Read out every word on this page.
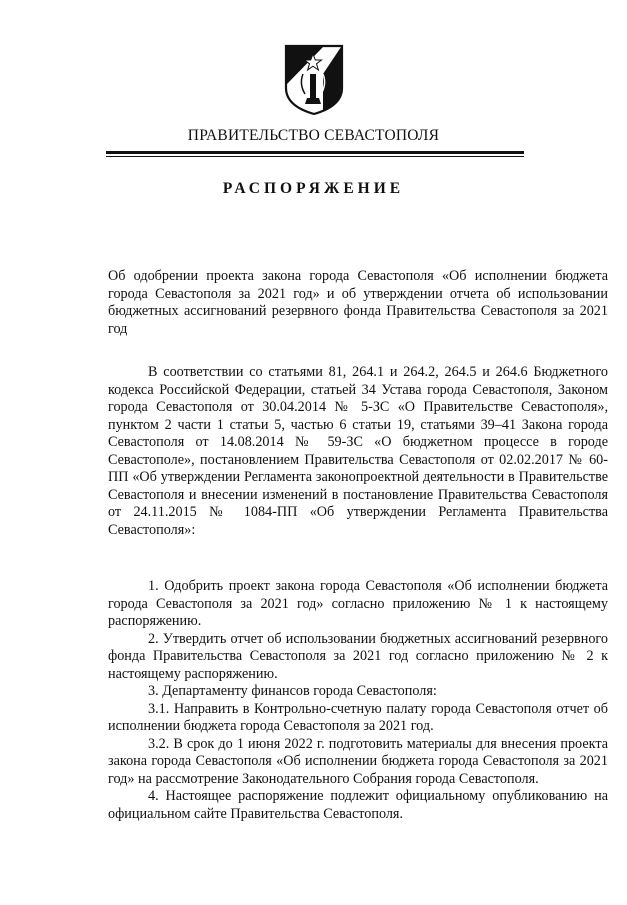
ПРАВИТЕЛЬСТВО СЕВАСТОПОЛЯ
РАСПОРЯЖЕНИЕ

Об одобрении проекта закона города Севастополя «Об исполнении бюджета города Севастополя за 2021 год» и об утверждении отчета об использовании бюджетных ассигнований резервного фонда Правительства Севастополя за 2021 год

В соответствии со статьями 81, 264.1 и 264.2, 264.5 и 264.6 Бюджетного кодекса Российской Федерации, статьей 34 Устава города Севастополя, Законом города Севастополя от 30.04.2014 № 5-ЗС «О Правительстве Севастополя», пунктом 2 части 1 статьи 5, частью 6 статьи 19, статьями 39–41 Закона города Севастополя от 14.08.2014 № 59-ЗС «О бюджетном процессе в городе Севастополе», постановлением Правительства Севастополя от 02.02.2017 № 60-ПП «Об утверждении Регламента законопроектной деятельности в Правительстве Севастополя и внесении изменений в постановление Правительства Севастополя от 24.11.2015 № 1084-ПП «Об утверждении Регламента Правительства Севастополя»:

1. Одобрить проект закона города Севастополя «Об исполнении бюджета города Севастополя за 2021 год» согласно приложению № 1 к настоящему распоряжению.

2. Утвердить отчет об использовании бюджетных ассигнований резервного фонда Правительства Севастополя за 2021 год согласно приложению № 2 к настоящему распоряжению.

3. Департаменту финансов города Севастополя:

3.1. Направить в Контрольно-счетную палату города Севастополя отчет об исполнении бюджета города Севастополя за 2021 год.

3.2. В срок до 1 июня 2022 г. подготовить материалы для внесения проекта закона города Севастополя «Об исполнении бюджета города Севастополя за 2021 год» на рассмотрение Законодательного Собрания города Севастополя.

4. Настоящее распоряжение подлежит официальному опубликованию на официальном сайте Правительства Севастополя.
